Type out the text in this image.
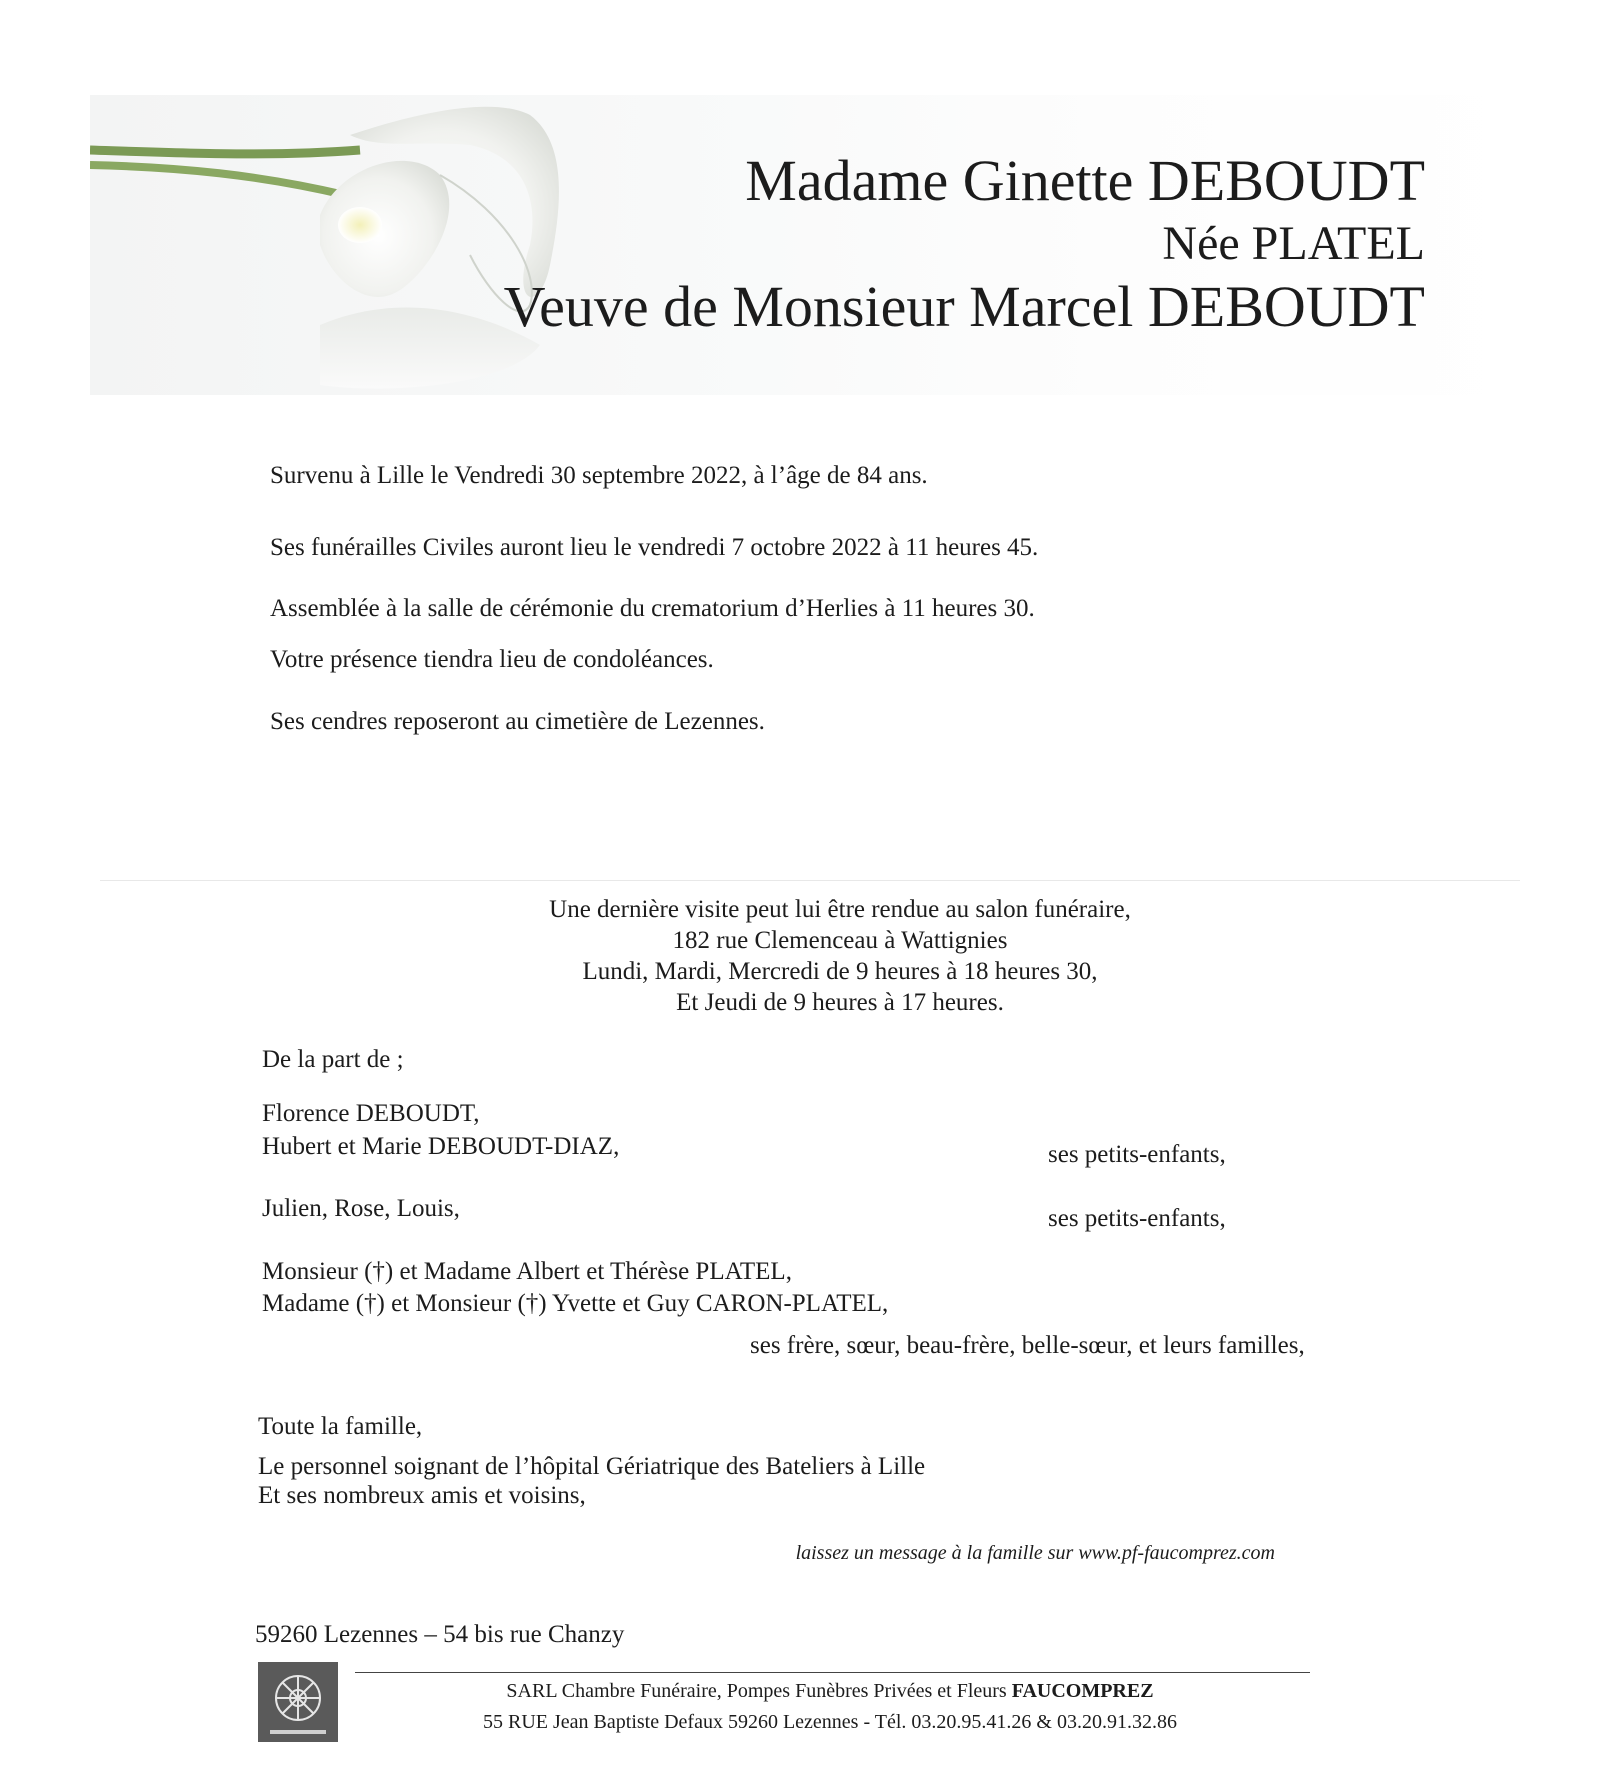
Madame Ginette DEBOUDT
Née PLATEL
Veuve de Monsieur Marcel DEBOUDT
Survenu à Lille le Vendredi 30 septembre 2022, à l’âge de 84 ans.
Ses funérailles Civiles auront lieu le vendredi 7 octobre 2022 à 11 heures 45.
Assemblée à la salle de cérémonie du crematorium d’Herlies à 11 heures 30.
Votre présence tiendra lieu de condoléances.
Ses cendres reposeront au cimetière de Lezennes.
Une dernière visite peut lui être rendue au salon funéraire,
182 rue Clemenceau à Wattignies
Lundi, Mardi, Mercredi de 9 heures à 18 heures 30,
Et Jeudi de 9 heures à 17 heures.
De la part de ;
Florence DEBOUDT,
Hubert et Marie DEBOUDT-DIAZ,	ses petits-enfants,
Julien, Rose, Louis,	ses petits-enfants,
Monsieur (†) et Madame Albert et Thérèse PLATEL,
Madame (†) et Monsieur (†) Yvette et Guy CARON-PLATEL,
ses frère, sœur, beau-frère, belle-sœur, et leurs familles,
Toute la famille,
Le personnel soignant de l’hôpital Gériatrique des Bateliers à Lille
Et ses nombreux amis et voisins,
laissez un message à la famille sur www.pf-faucomprez.com
59260 Lezennes – 54 bis rue Chanzy
SARL Chambre Funéraire, Pompes Funèbres Privées et Fleurs FAUCOMPREZ
55 RUE Jean Baptiste Defaux 59260 Lezennes - Tél. 03.20.95.41.26 & 03.20.91.32.86
